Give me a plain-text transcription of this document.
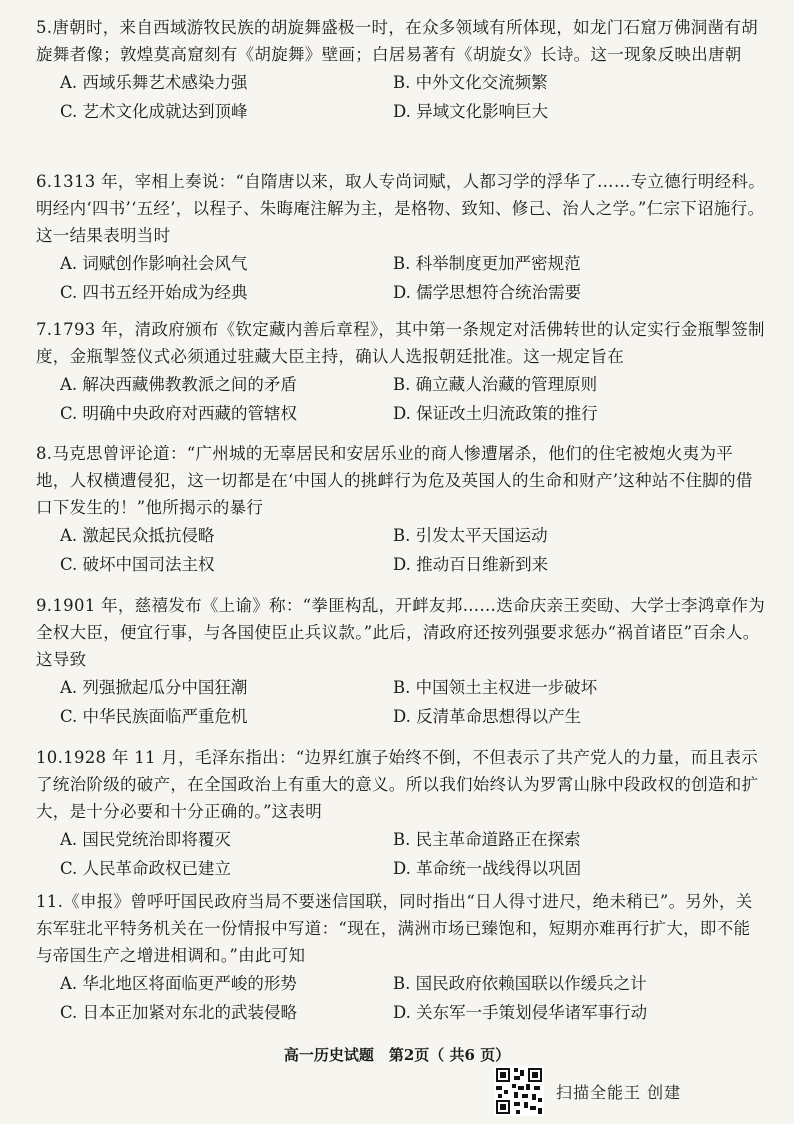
5.唐朝时，来自西域游牧民族的胡旋舞盛极一时，在众多领域有所体现，如龙门石窟万佛洞凿有胡旋舞者像；敦煌莫高窟刻有《胡旋舞》壁画；白居易著有《胡旋女》长诗。这一现象反映出唐朝

A. 西域乐舞艺术感染力强	B. 中外文化交流频繁
C. 艺术文化成就达到顶峰	D. 异域文化影响巨大

6.1313 年，宰相上奏说：“自隋唐以来，取人专尚词赋，人都习学的浮华了……专立德行明经科。明经内‘四书’‘五经’，以程子、朱晦庵注解为主，是格物、致知、修己、治人之学。”仁宗下诏施行。这一结果表明当时

A. 词赋创作影响社会风气	B. 科举制度更加严密规范
C. 四书五经开始成为经典	D. 儒学思想符合统治需要

7.1793 年，清政府颁布《钦定藏内善后章程》，其中第一条规定对活佛转世的认定实行金瓶掣签制度，金瓶掣签仪式必须通过驻藏大臣主持，确认人选报朝廷批准。这一规定旨在

A. 解决西藏佛教教派之间的矛盾	B. 确立藏人治藏的管理原则
C. 明确中央政府对西藏的管辖权	D. 保证改土归流政策的推行

8.马克思曾评论道：“广州城的无辜居民和安居乐业的商人惨遭屠杀，他们的住宅被炮火夷为平地，人权横遭侵犯，这一切都是在‘中国人的挑衅行为危及英国人的生命和财产’这种站不住脚的借口下发生的！”他所揭示的暴行

A. 激起民众抵抗侵略	B. 引发太平天国运动
C. 破坏中国司法主权	D. 推动百日维新到来

9.1901 年，慈禧发布《上谕》称：“拳匪构乱，开衅友邦……迭命庆亲王奕劻、大学士李鸿章作为全权大臣，便宜行事，与各国使臣止兵议款。”此后，清政府还按列强要求惩办“祸首诸臣”百余人。这导致

A. 列强掀起瓜分中国狂潮	B. 中国领土主权进一步破坏
C. 中华民族面临严重危机	D. 反清革命思想得以产生

10.1928 年 11 月，毛泽东指出：“边界红旗子始终不倒，不但表示了共产党人的力量，而且表示了统治阶级的破产，在全国政治上有重大的意义。所以我们始终认为罗霄山脉中段政权的创造和扩大，是十分必要和十分正确的。”这表明

A. 国民党统治即将覆灭	B. 民主革命道路正在探索
C. 人民革命政权已建立	D. 革命统一战线得以巩固

11.《申报》曾呼吁国民政府当局不要迷信国联，同时指出“日人得寸进尺，绝未稍已”。另外，关东军驻北平特务机关在一份情报中写道：“现在，满洲市场已臻饱和，短期亦难再行扩大，即不能与帝国生产之增进相调和。”由此可知

A. 华北地区将面临更严峻的形势	B. 国民政府依赖国联以作缓兵之计
C. 日本正加紧对东北的武装侵略	D. 关东军一手策划侵华诸军事行动
高一历史试题　第2页（ 共6 页）
扫描全能王 创建
